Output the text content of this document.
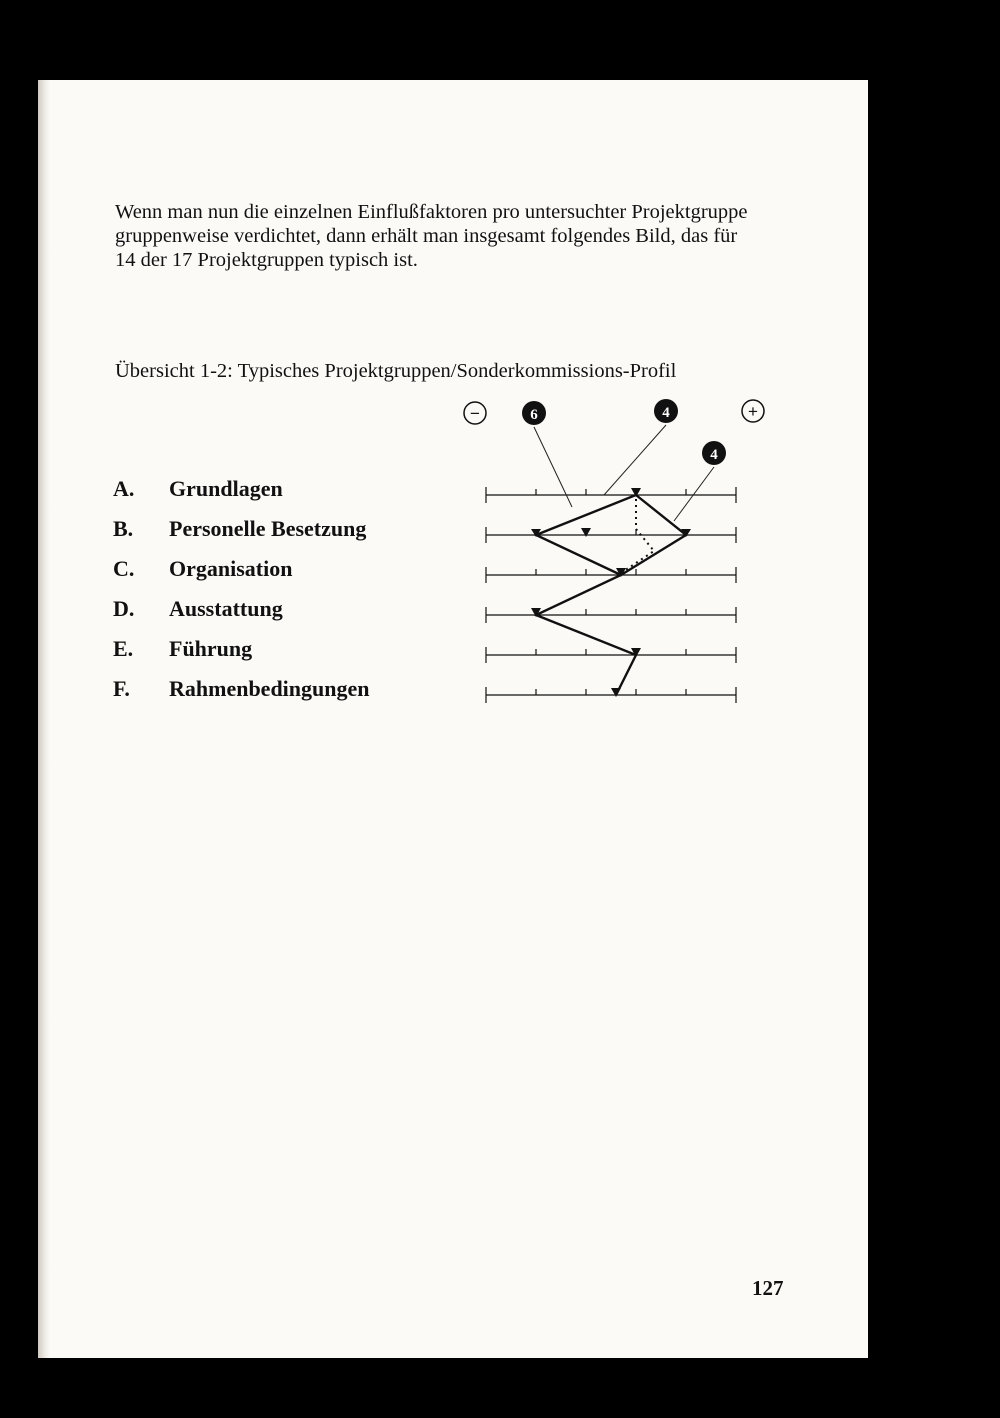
Wenn man nun die einzelnen Einflußfaktoren pro untersuchter Projektgruppe
gruppenweise verdichtet, dann erhält man insgesamt folgendes Bild, das für
14 der 17 Projektgruppen typisch ist.

Übersicht 1-2: Typisches Projektgruppen/Sonderkommissions-Profil

A. Grundlagen
B. Personelle Besetzung
C. Organisation
D. Ausstattung
E. Führung
F. Rahmenbedingungen
−	+
6	4
4
127
